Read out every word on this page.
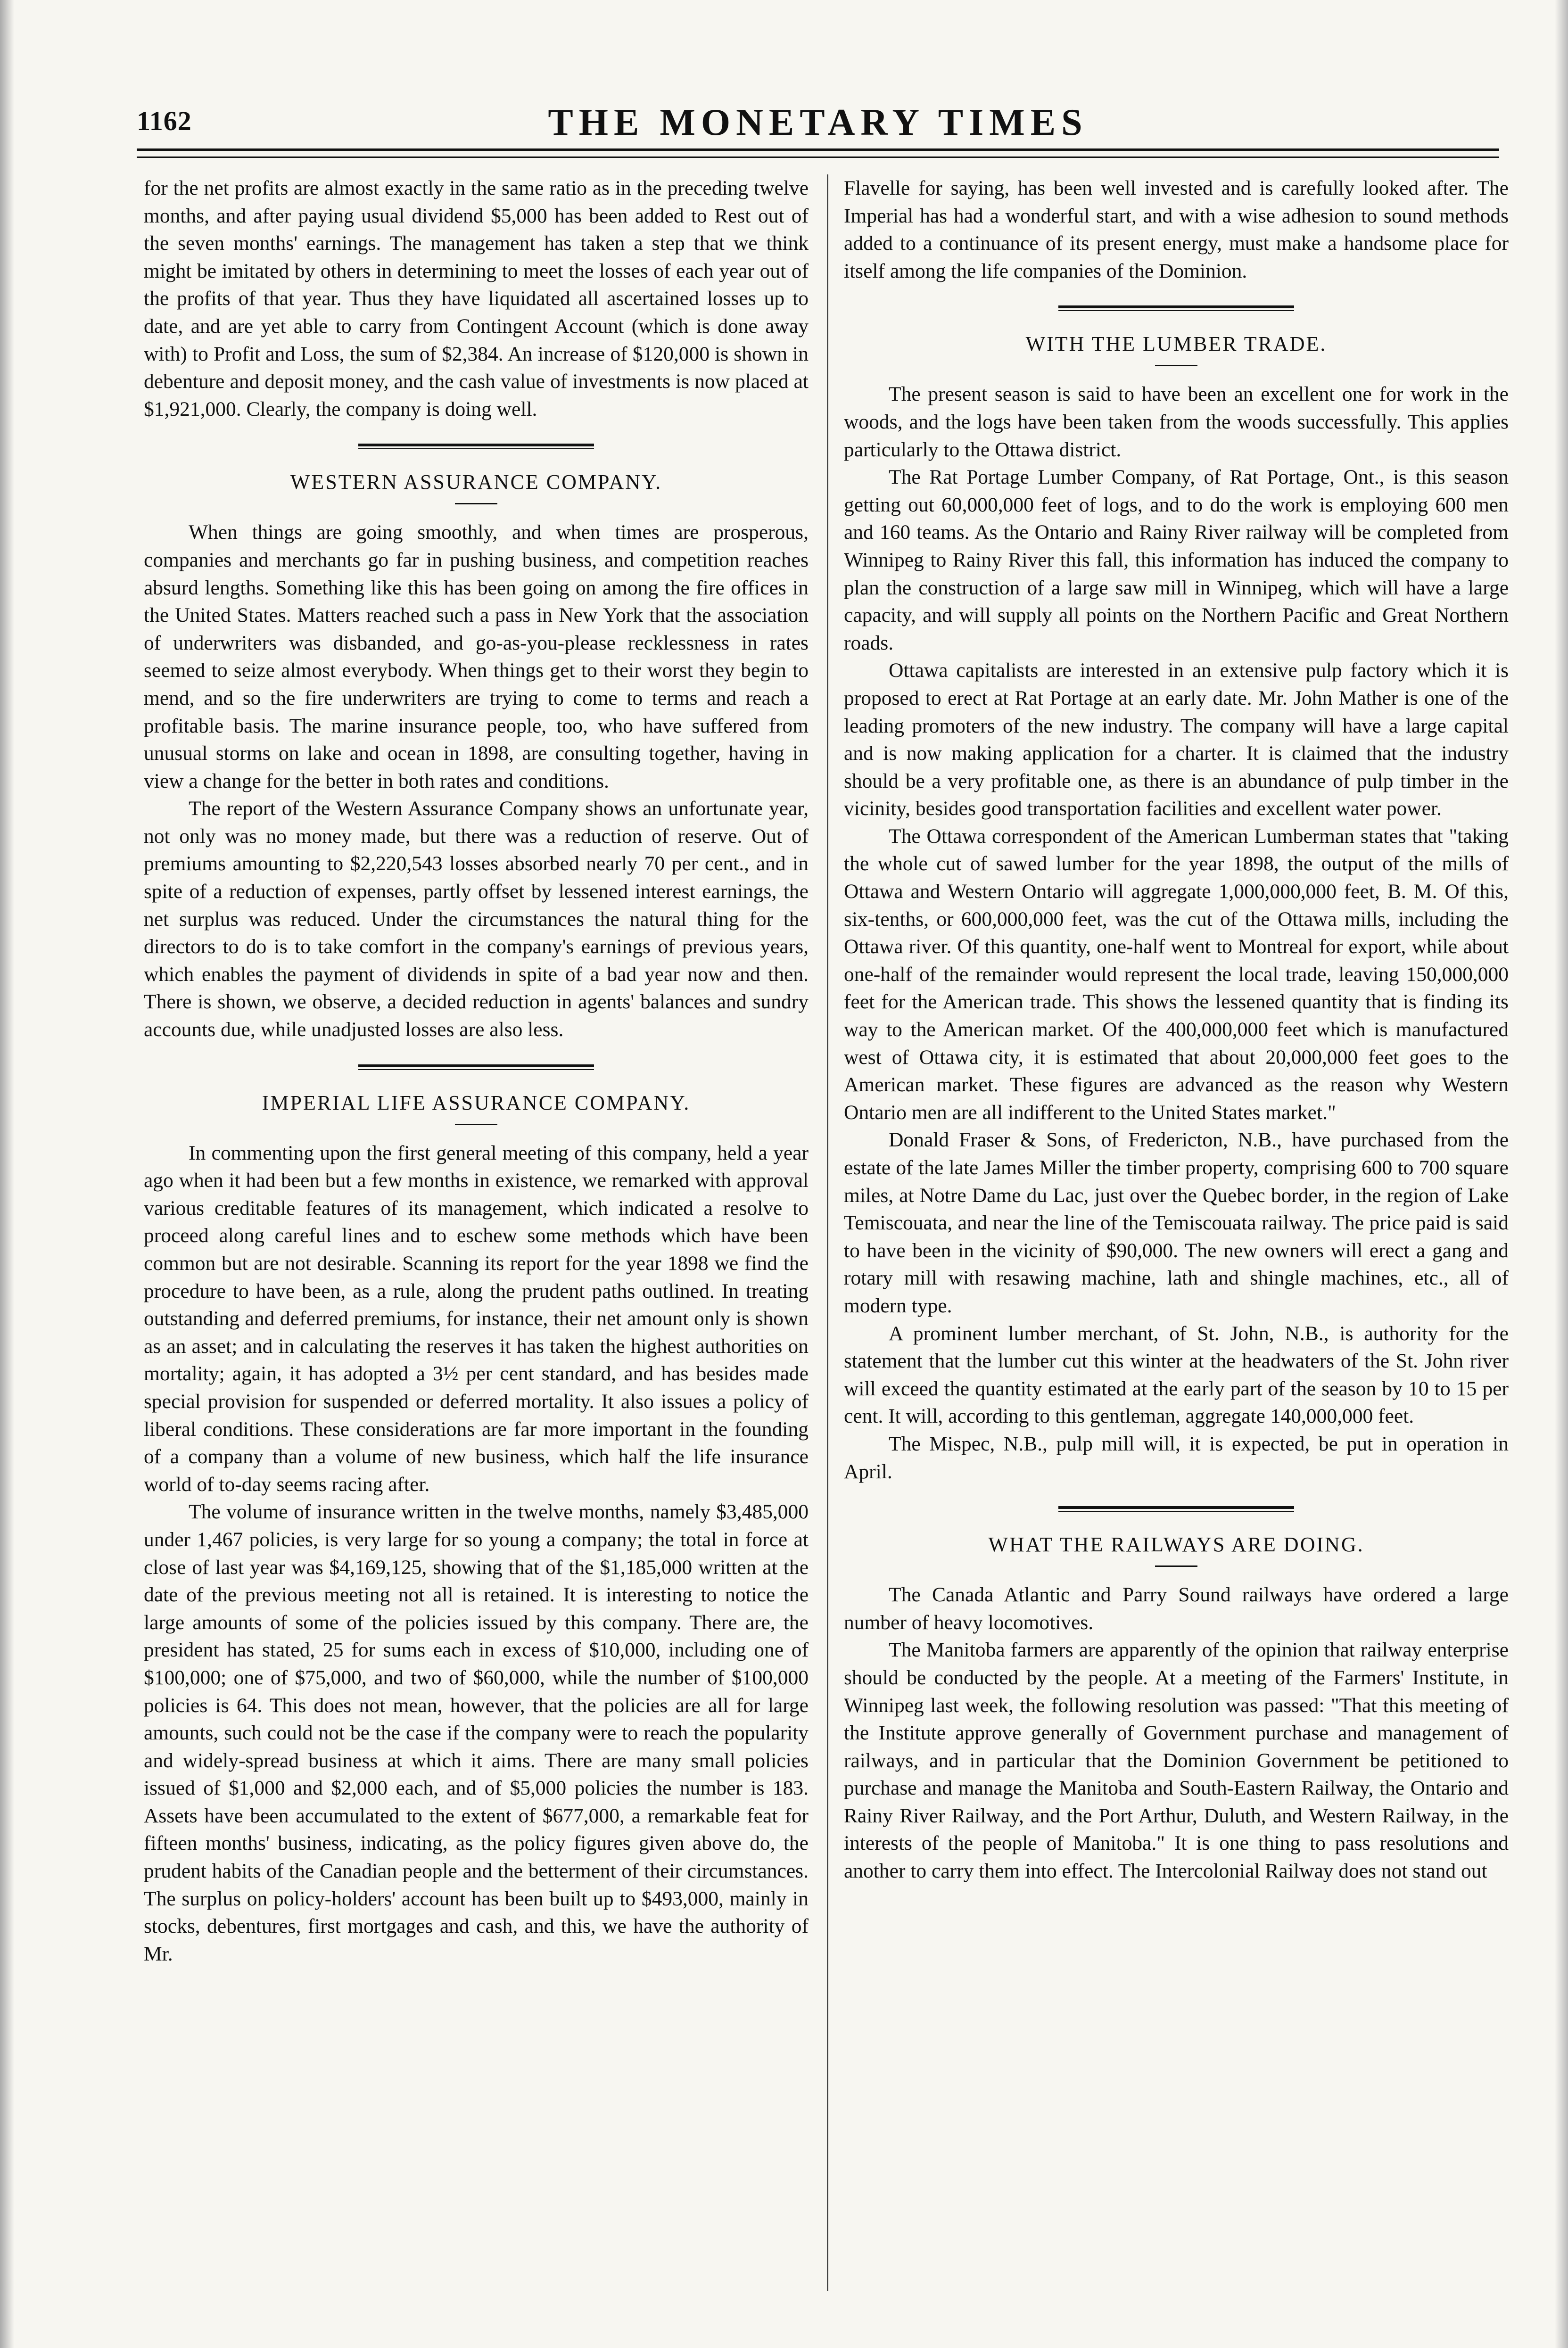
1162	THE MONETARY TIMES

for the net profits are almost exactly in the same ratio as in the preceding twelve months, and after paying usual dividend $5,000 has been added to Rest out of the seven months' earnings. The management has taken a step that we think might be imitated by others in determining to meet the losses of each year out of the profits of that year. Thus they have liquidated all ascertained losses up to date, and are yet able to carry from Contingent Account (which is done away with) to Profit and Loss, the sum of $2,384. An increase of $120,000 is shown in debenture and deposit money, and the cash value of investments is now placed at $1,921,000. Clearly, the company is doing well.

WESTERN ASSURANCE COMPANY.

When things are going smoothly, and when times are prosperous, companies and merchants go far in pushing business, and competition reaches absurd lengths. Something like this has been going on among the fire offices in the United States. Matters reached such a pass in New York that the association of underwriters was disbanded, and go-as-you-please recklessness in rates seemed to seize almost everybody. When things get to their worst they begin to mend, and so the fire underwriters are trying to come to terms and reach a profitable basis. The marine insurance people, too, who have suffered from unusual storms on lake and ocean in 1898, are consulting together, having in view a change for the better in both rates and conditions.

The report of the Western Assurance Company shows an unfortunate year, not only was no money made, but there was a reduction of reserve. Out of premiums amounting to $2,220,543 losses absorbed nearly 70 per cent., and in spite of a reduction of expenses, partly offset by lessened interest earnings, the net surplus was reduced. Under the circumstances the natural thing for the directors to do is to take comfort in the company's earnings of previous years, which enables the payment of dividends in spite of a bad year now and then. There is shown, we observe, a decided reduction in agents' balances and sundry accounts due, while unadjusted losses are also less.

IMPERIAL LIFE ASSURANCE COMPANY.

In commenting upon the first general meeting of this company, held a year ago when it had been but a few months in existence, we remarked with approval various creditable features of its management, which indicated a resolve to proceed along careful lines and to eschew some methods which have been common but are not desirable. Scanning its report for the year 1898 we find the procedure to have been, as a rule, along the prudent paths outlined. In treating outstanding and deferred premiums, for instance, their net amount only is shown as an asset; and in calculating the reserves it has taken the highest authorities on mortality; again, it has adopted a 3½ per cent standard, and has besides made special provision for suspended or deferred mortality. It also issues a policy of liberal conditions. These considerations are far more important in the founding of a company than a volume of new business, which half the life insurance world of to-day seems racing after.

The volume of insurance written in the twelve months, namely $3,485,000 under 1,467 policies, is very large for so young a company; the total in force at close of last year was $4,169,125, showing that of the $1,185,000 written at the date of the previous meeting not all is retained. It is interesting to notice the large amounts of some of the policies issued by this company. There are, the president has stated, 25 for sums each in excess of $10,000, including one of $100,000; one of $75,000, and two of $60,000, while the number of $100,000 policies is 64. This does not mean, however, that the policies are all for large amounts, such could not be the case if the company were to reach the popularity and widely-spread business at which it aims. There are many small policies issued of $1,000 and $2,000 each, and of $5,000 policies the number is 183. Assets have been accumulated to the extent of $677,000, a remarkable feat for fifteen months' business, indicating, as the policy figures given above do, the prudent habits of the Canadian people and the betterment of their circumstances. The surplus on policy-holders' account has been built up to $493,000, mainly in stocks, debentures, first mortgages and cash, and this, we have the authority of Mr.

Flavelle for saying, has been well invested and is carefully looked after. The Imperial has had a wonderful start, and with a wise adhesion to sound methods added to a continuance of its present energy, must make a handsome place for itself among the life companies of the Dominion.

WITH THE LUMBER TRADE.

The present season is said to have been an excellent one for work in the woods, and the logs have been taken from the woods successfully. This applies particularly to the Ottawa district.

The Rat Portage Lumber Company, of Rat Portage, Ont., is this season getting out 60,000,000 feet of logs, and to do the work is employing 600 men and 160 teams. As the Ontario and Rainy River railway will be completed from Winnipeg to Rainy River this fall, this information has induced the company to plan the construction of a large saw mill in Winnipeg, which will have a large capacity, and will supply all points on the Northern Pacific and Great Northern roads.

Ottawa capitalists are interested in an extensive pulp factory which it is proposed to erect at Rat Portage at an early date. Mr. John Mather is one of the leading promoters of the new industry. The company will have a large capital and is now making application for a charter. It is claimed that the industry should be a very profitable one, as there is an abundance of pulp timber in the vicinity, besides good transportation facilities and excellent water power.

The Ottawa correspondent of the American Lumberman states that "taking the whole cut of sawed lumber for the year 1898, the output of the mills of Ottawa and Western Ontario will aggregate 1,000,000,000 feet, B. M. Of this, six-tenths, or 600,000,000 feet, was the cut of the Ottawa mills, including the Ottawa river. Of this quantity, one-half went to Montreal for export, while about one-half of the remainder would represent the local trade, leaving 150,000,000 feet for the American trade. This shows the lessened quantity that is finding its way to the American market. Of the 400,000,000 feet which is manufactured west of Ottawa city, it is estimated that about 20,000,000 feet goes to the American market. These figures are advanced as the reason why Western Ontario men are all indifferent to the United States market."

Donald Fraser & Sons, of Fredericton, N.B., have purchased from the estate of the late James Miller the timber property, comprising 600 to 700 square miles, at Notre Dame du Lac, just over the Quebec border, in the region of Lake Temiscouata, and near the line of the Temiscouata railway. The price paid is said to have been in the vicinity of $90,000. The new owners will erect a gang and rotary mill with resawing machine, lath and shingle machines, etc., all of modern type.

A prominent lumber merchant, of St. John, N.B., is authority for the statement that the lumber cut this winter at the headwaters of the St. John river will exceed the quantity estimated at the early part of the season by 10 to 15 per cent. It will, according to this gentleman, aggregate 140,000,000 feet.

The Mispec, N.B., pulp mill will, it is expected, be put in operation in April.

WHAT THE RAILWAYS ARE DOING.

The Canada Atlantic and Parry Sound railways have ordered a large number of heavy locomotives.

The Manitoba farmers are apparently of the opinion that railway enterprise should be conducted by the people. At a meeting of the Farmers' Institute, in Winnipeg last week, the following resolution was passed: "That this meeting of the Institute approve generally of Government purchase and management of railways, and in particular that the Dominion Government be petitioned to purchase and manage the Manitoba and South-Eastern Railway, the Ontario and Rainy River Railway, and the Port Arthur, Duluth, and Western Railway, in the interests of the people of Manitoba." It is one thing to pass resolutions and another to carry them into effect. The Intercolonial Railway does not stand out
